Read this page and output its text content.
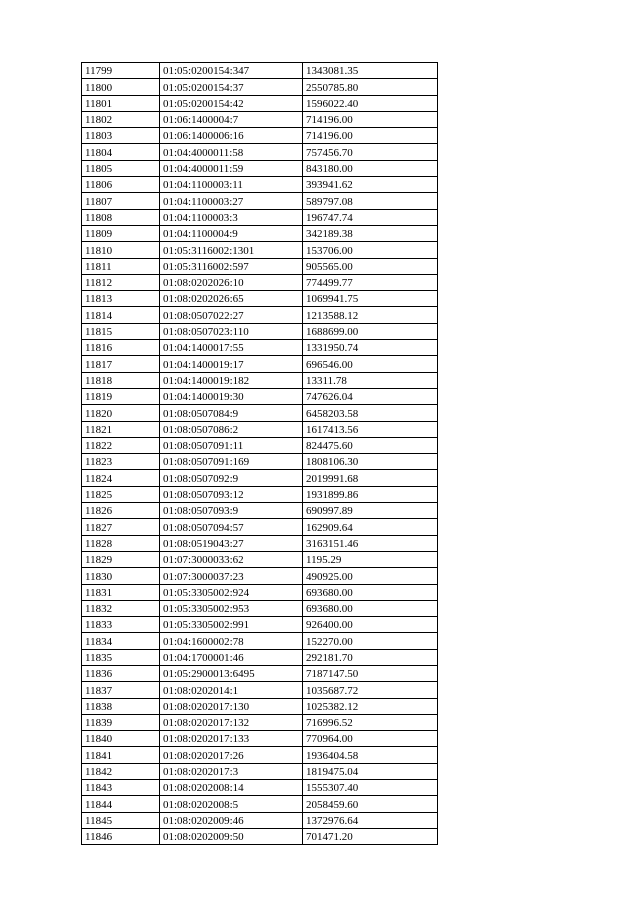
11799	01:05:0200154:347	1343081.35
11800	01:05:0200154:37	2550785.80
11801	01:05:0200154:42	1596022.40
11802	01:06:1400004:7	714196.00
11803	01:06:1400006:16	714196.00
11804	01:04:4000011:58	757456.70
11805	01:04:4000011:59	843180.00
11806	01:04:1100003:11	393941.62
11807	01:04:1100003:27	589797.08
11808	01:04:1100003:3	196747.74
11809	01:04:1100004:9	342189.38
11810	01:05:3116002:1301	153706.00
11811	01:05:3116002:597	905565.00
11812	01:08:0202026:10	774499.77
11813	01:08:0202026:65	1069941.75
11814	01:08:0507022:27	1213588.12
11815	01:08:0507023:110	1688699.00
11816	01:04:1400017:55	1331950.74
11817	01:04:1400019:17	696546.00
11818	01:04:1400019:182	13311.78
11819	01:04:1400019:30	747626.04
11820	01:08:0507084:9	6458203.58
11821	01:08:0507086:2	1617413.56
11822	01:08:0507091:11	824475.60
11823	01:08:0507091:169	1808106.30
11824	01:08:0507092:9	2019991.68
11825	01:08:0507093:12	1931899.86
11826	01:08:0507093:9	690997.89
11827	01:08:0507094:57	162909.64
11828	01:08:0519043:27	3163151.46
11829	01:07:3000033:62	1195.29
11830	01:07:3000037:23	490925.00
11831	01:05:3305002:924	693680.00
11832	01:05:3305002:953	693680.00
11833	01:05:3305002:991	926400.00
11834	01:04:1600002:78	152270.00
11835	01:04:1700001:46	292181.70
11836	01:05:2900013:6495	7187147.50
11837	01:08:0202014:1	1035687.72
11838	01:08:0202017:130	1025382.12
11839	01:08:0202017:132	716996.52
11840	01:08:0202017:133	770964.00
11841	01:08:0202017:26	1936404.58
11842	01:08:0202017:3	1819475.04
11843	01:08:0202008:14	1555307.40
11844	01:08:0202008:5	2058459.60
11845	01:08:0202009:46	1372976.64
11846	01:08:0202009:50	701471.20
